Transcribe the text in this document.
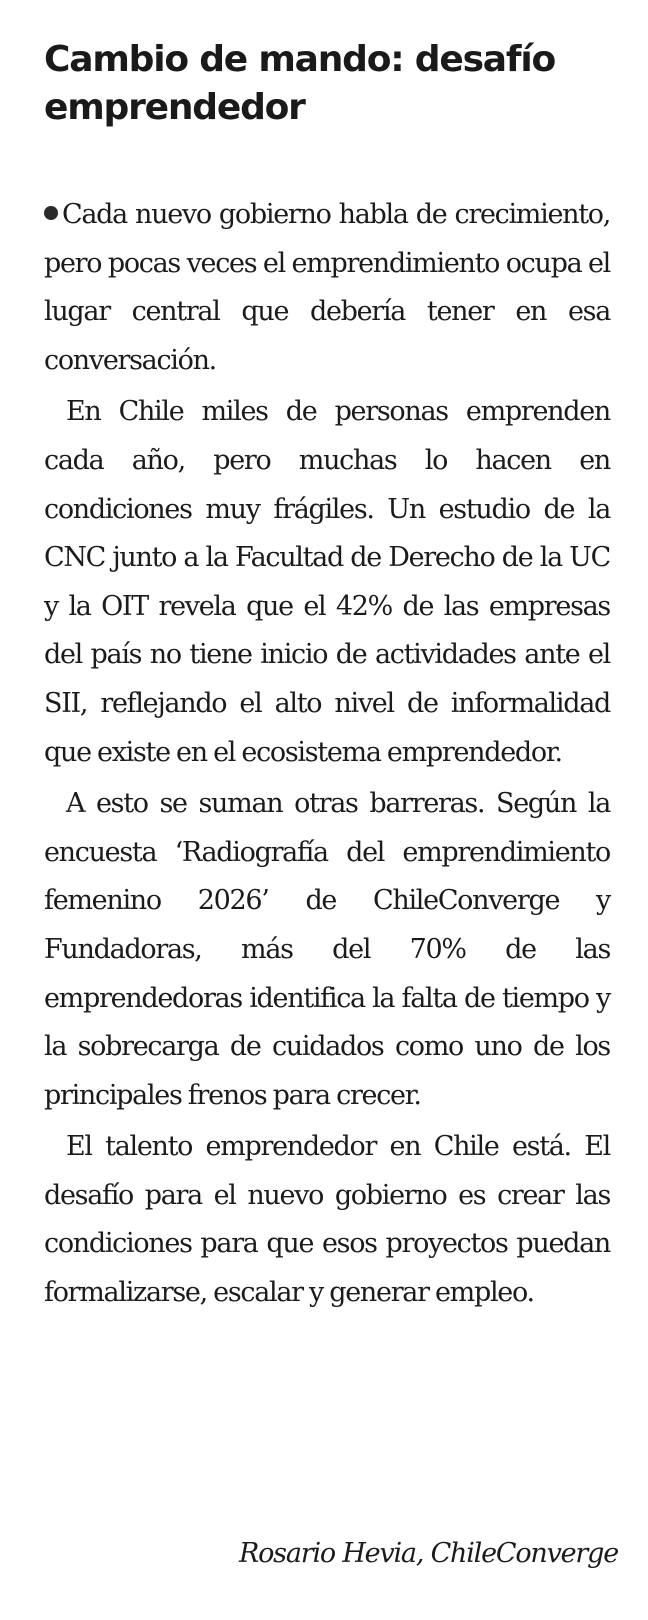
Cambio de mando: desafío emprendedor

Cada nuevo gobierno habla de crecimiento, pero pocas veces el emprendimiento ocupa el lugar central que debería tener en esa conversación.

En Chile miles de personas emprenden cada año, pero muchas lo hacen en condiciones muy frágiles. Un estudio de la CNC junto a la Facultad de Derecho de la UC y la OIT revela que el 42% de las empresas del país no tiene inicio de actividades ante el SII, reflejando el alto nivel de informalidad que existe en el ecosistema emprendedor.

A esto se suman otras barreras. Según la encuesta ‘Radiografía del emprendimiento femenino 2026’ de ChileConverge y Fundadoras, más del 70% de las emprendedoras identifica la falta de tiempo y la sobrecarga de cuidados como uno de los principales frenos para crecer.

El talento emprendedor en Chile está. El desafío para el nuevo gobierno es crear las condiciones para que esos proyectos puedan formalizarse, escalar y generar empleo.

Rosario Hevia, ChileConverge
